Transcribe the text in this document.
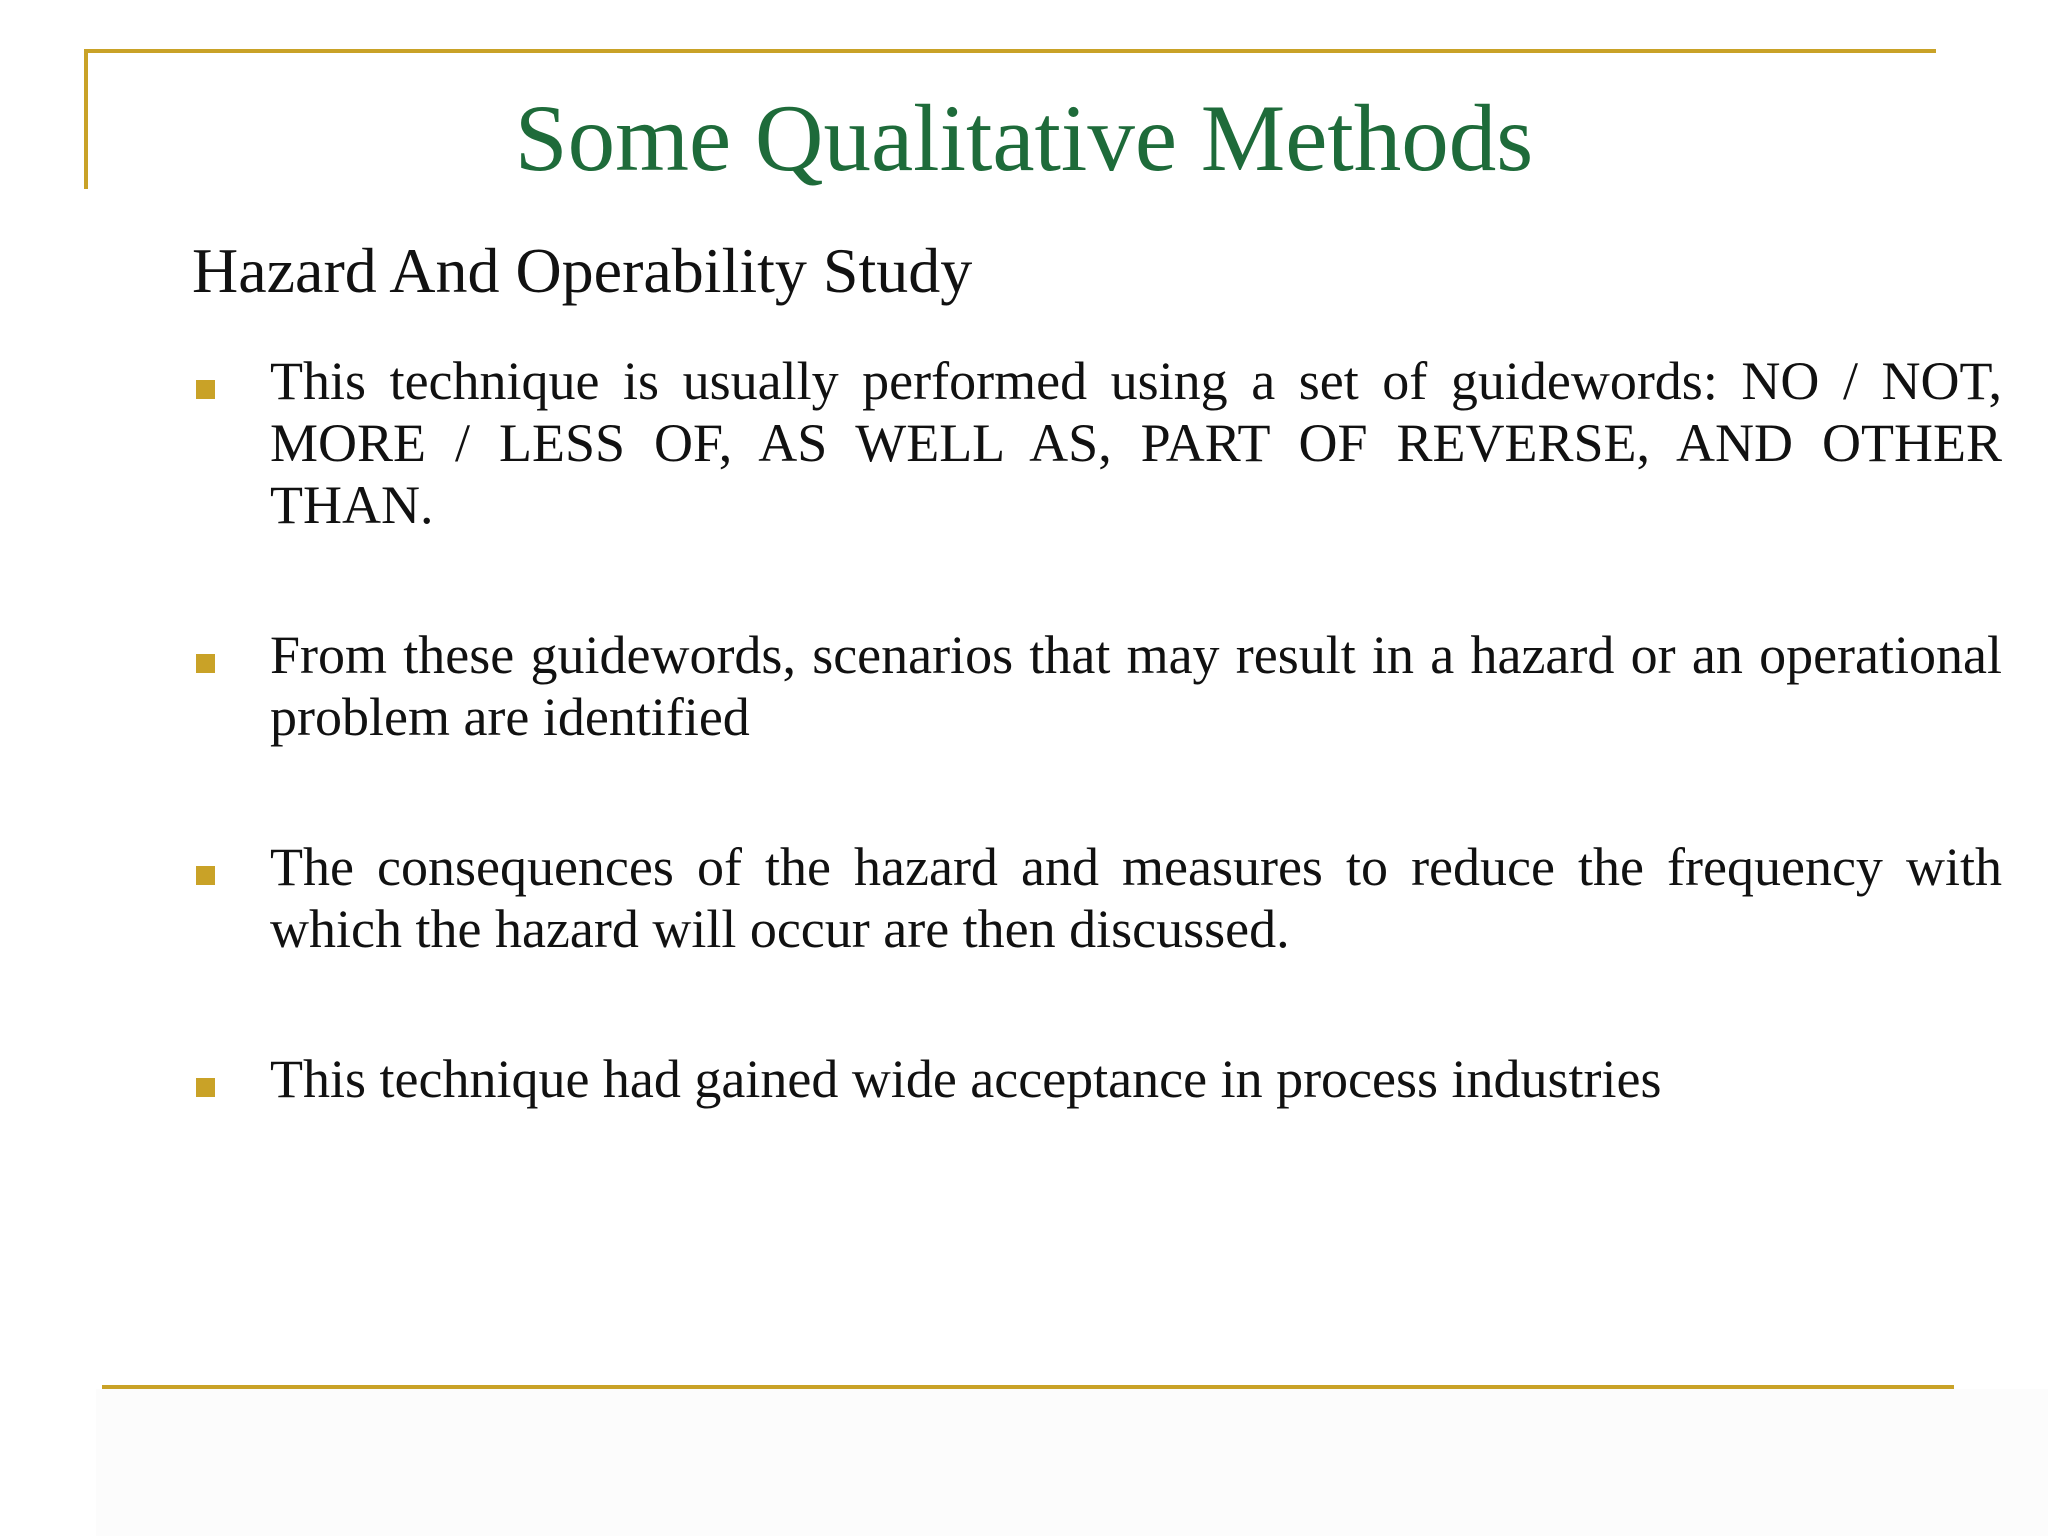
Some Qualitative Methods
Hazard And Operability Study
This technique is usually performed using a set of guidewords: NO / NOT, MORE / LESS OF, AS WELL AS, PART OF REVERSE, AND OTHER THAN.
From these guidewords, scenarios that may result in a hazard or an operational problem are identified
The consequences of the hazard and measures to reduce the frequency with which the hazard will occur are then discussed.
This technique had gained wide acceptance in process industries
